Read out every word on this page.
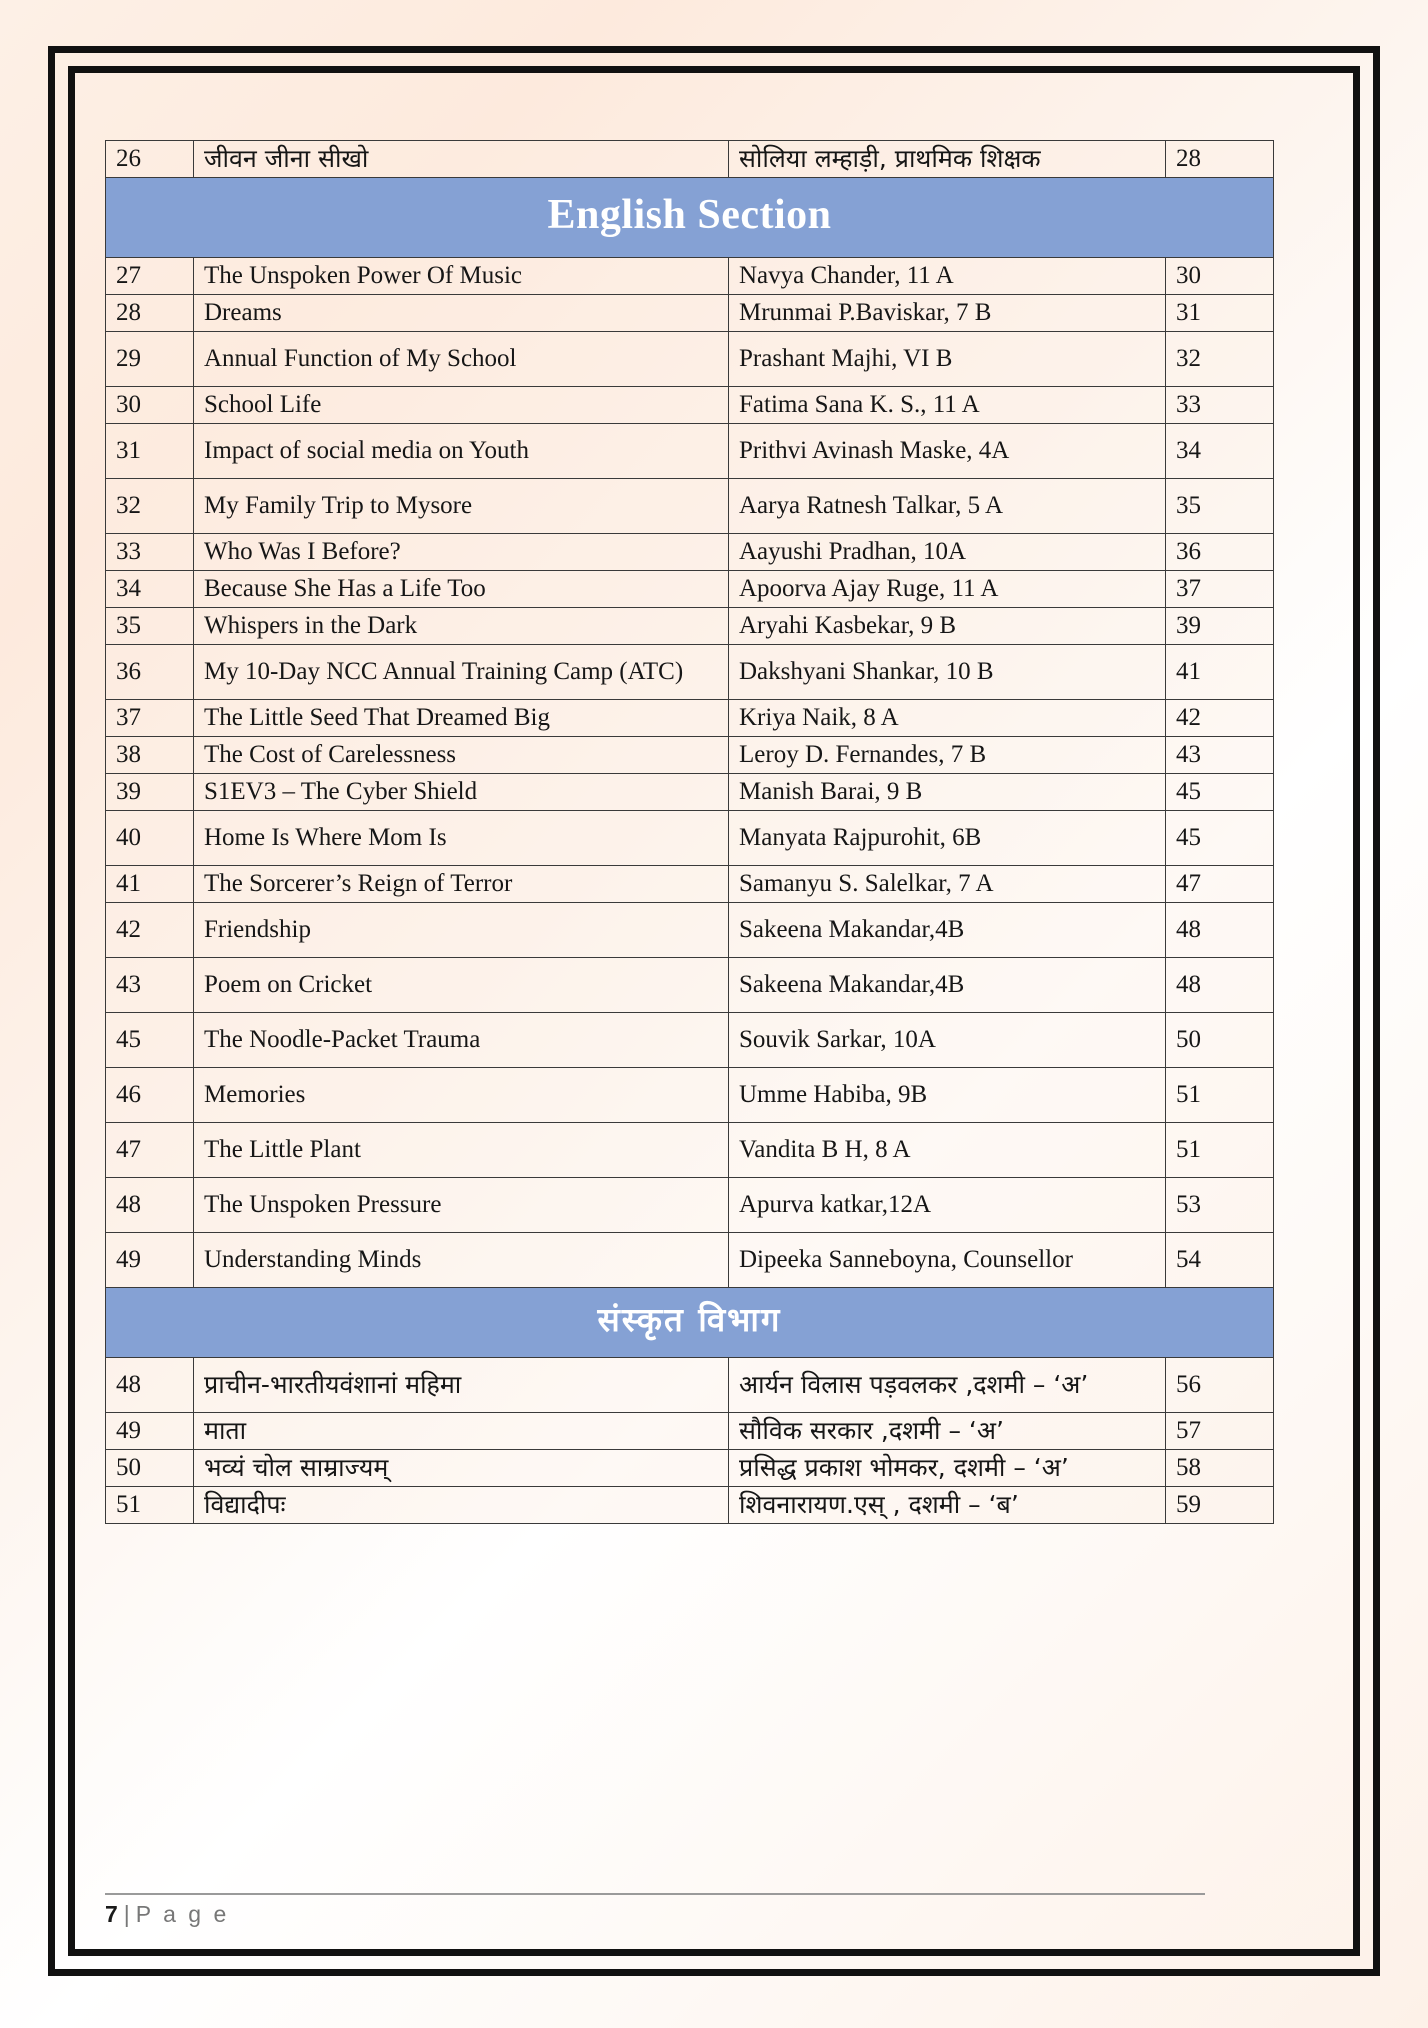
26	जीवन जीना सीखो	सोलिया लम्हाड़ी, प्राथमिक शिक्षक	28
English Section			
27	The Unspoken Power Of Music	Navya Chander, 11 A	30
28	Dreams	Mrunmai P.Baviskar, 7 B	31
29	Annual Function of My School	Prashant Majhi, VI B	32
30	School Life	Fatima Sana K. S., 11 A	33
31	Impact of social media on Youth	Prithvi Avinash Maske, 4A	34
32	My Family Trip to Mysore	Aarya Ratnesh Talkar, 5 A	35
33	Who Was I Before?	Aayushi Pradhan, 10A	36
34	Because She Has a Life Too	Apoorva Ajay Ruge, 11 A	37
35	Whispers in the Dark	Aryahi Kasbekar, 9 B	39
36	My 10-Day NCC Annual Training Camp (ATC)	Dakshyani Shankar, 10 B	41
37	The Little Seed That Dreamed Big	Kriya Naik, 8 A	42
38	The Cost of Carelessness	Leroy D. Fernandes, 7 B	43
39	S1EV3 – The Cyber Shield	Manish Barai, 9 B	45
40	Home Is Where Mom Is	Manyata Rajpurohit, 6B	45
41	The Sorcerer’s Reign of Terror	Samanyu S. Salelkar, 7 A	47
42	Friendship	Sakeena Makandar,4B	48
43	Poem on Cricket	Sakeena Makandar,4B	48
45	The Noodle-Packet Trauma	Souvik Sarkar, 10A	50
46	Memories	Umme Habiba, 9B	51
47	The Little Plant	Vandita B H, 8 A	51
48	The Unspoken Pressure	Apurva katkar,12A	53
49	Understanding Minds	Dipeeka Sanneboyna, Counsellor	54
संस्कृत विभाग			
48	प्राचीन-भारतीयवंशानां महिमा	आर्यन विलास पड़वलकर ,दशमी – ‘अ’	56
49	माता	सौविक सरकार ,दशमी – ‘अ’	57
50	भव्यं चोल साम्राज्यम्	प्रसिद्ध प्रकाश भोमकर, दशमी – ‘अ’	58
51	विद्यादीपः	शिवनारायण.एस् , दशमी – ‘ब’	59
7 | P a g e
